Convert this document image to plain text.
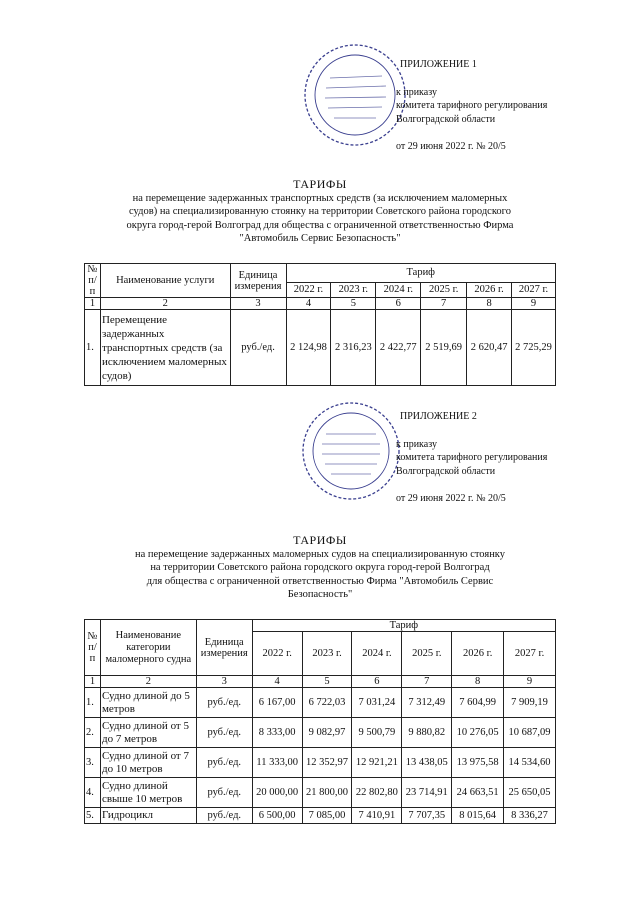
ПРИЛОЖЕНИЕ 1
к приказу
комитета тарифного регулирования
Волгоградской области
от 29 июня 2022 г. № 20/5
ТАРИФЫ
на перемещение задержанных транспортных средств (за исключением маломерных
судов) на специализированную стоянку на территории Советского района городского
округа город-герой Волгоград для общества с ограниченной ответственностью Фирма
"Автомобиль Сервис Безопасность"
№ п/п	Наименование услуги	Единица измерения	Тариф					
			2022 г.	2023 г.	2024 г.	2025 г.	2026 г.	2027 г.
1	2	3	4	5	6	7	8	9
1.	Перемещение задержанных транспортных средств (за исключением маломерных судов)	руб./ед.	2 124,98	2 316,23	2 422,77	2 519,69	2 620,47	2 725,29
ПРИЛОЖЕНИЕ 2
к приказу
комитета тарифного регулирования
Волгоградской области
от 29 июня 2022 г. № 20/5
ТАРИФЫ
на перемещение задержанных маломерных судов на специализированную стоянку
на территории Советского района городского округа город-герой Волгоград
для общества с ограниченной ответственностью Фирма "Автомобиль Сервис
Безопасность"
№ п/п	Наименование категории маломерного судна	Единица измерения	Тариф					
			2022 г.	2023 г.	2024 г.	2025 г.	2026 г.	2027 г.
1	2	3	4	5	6	7	8	9
1.	Судно длиной до 5 метров	руб./ед.	6 167,00	6 722,03	7 031,24	7 312,49	7 604,99	7 909,19
2.	Судно длиной от 5 до 7 метров	руб./ед.	8 333,00	9 082,97	9 500,79	9 880,82	10 276,05	10 687,09
3.	Судно длиной от 7 до 10 метров	руб./ед.	11 333,00	12 352,97	12 921,21	13 438,05	13 975,58	14 534,60
4.	Судно длиной свыше 10 метров	руб./ед.	20 000,00	21 800,00	22 802,80	23 714,91	24 663,51	25 650,05
5.	Гидроцикл	руб./ед.	6 500,00	7 085,00	7 410,91	7 707,35	8 015,64	8 336,27
